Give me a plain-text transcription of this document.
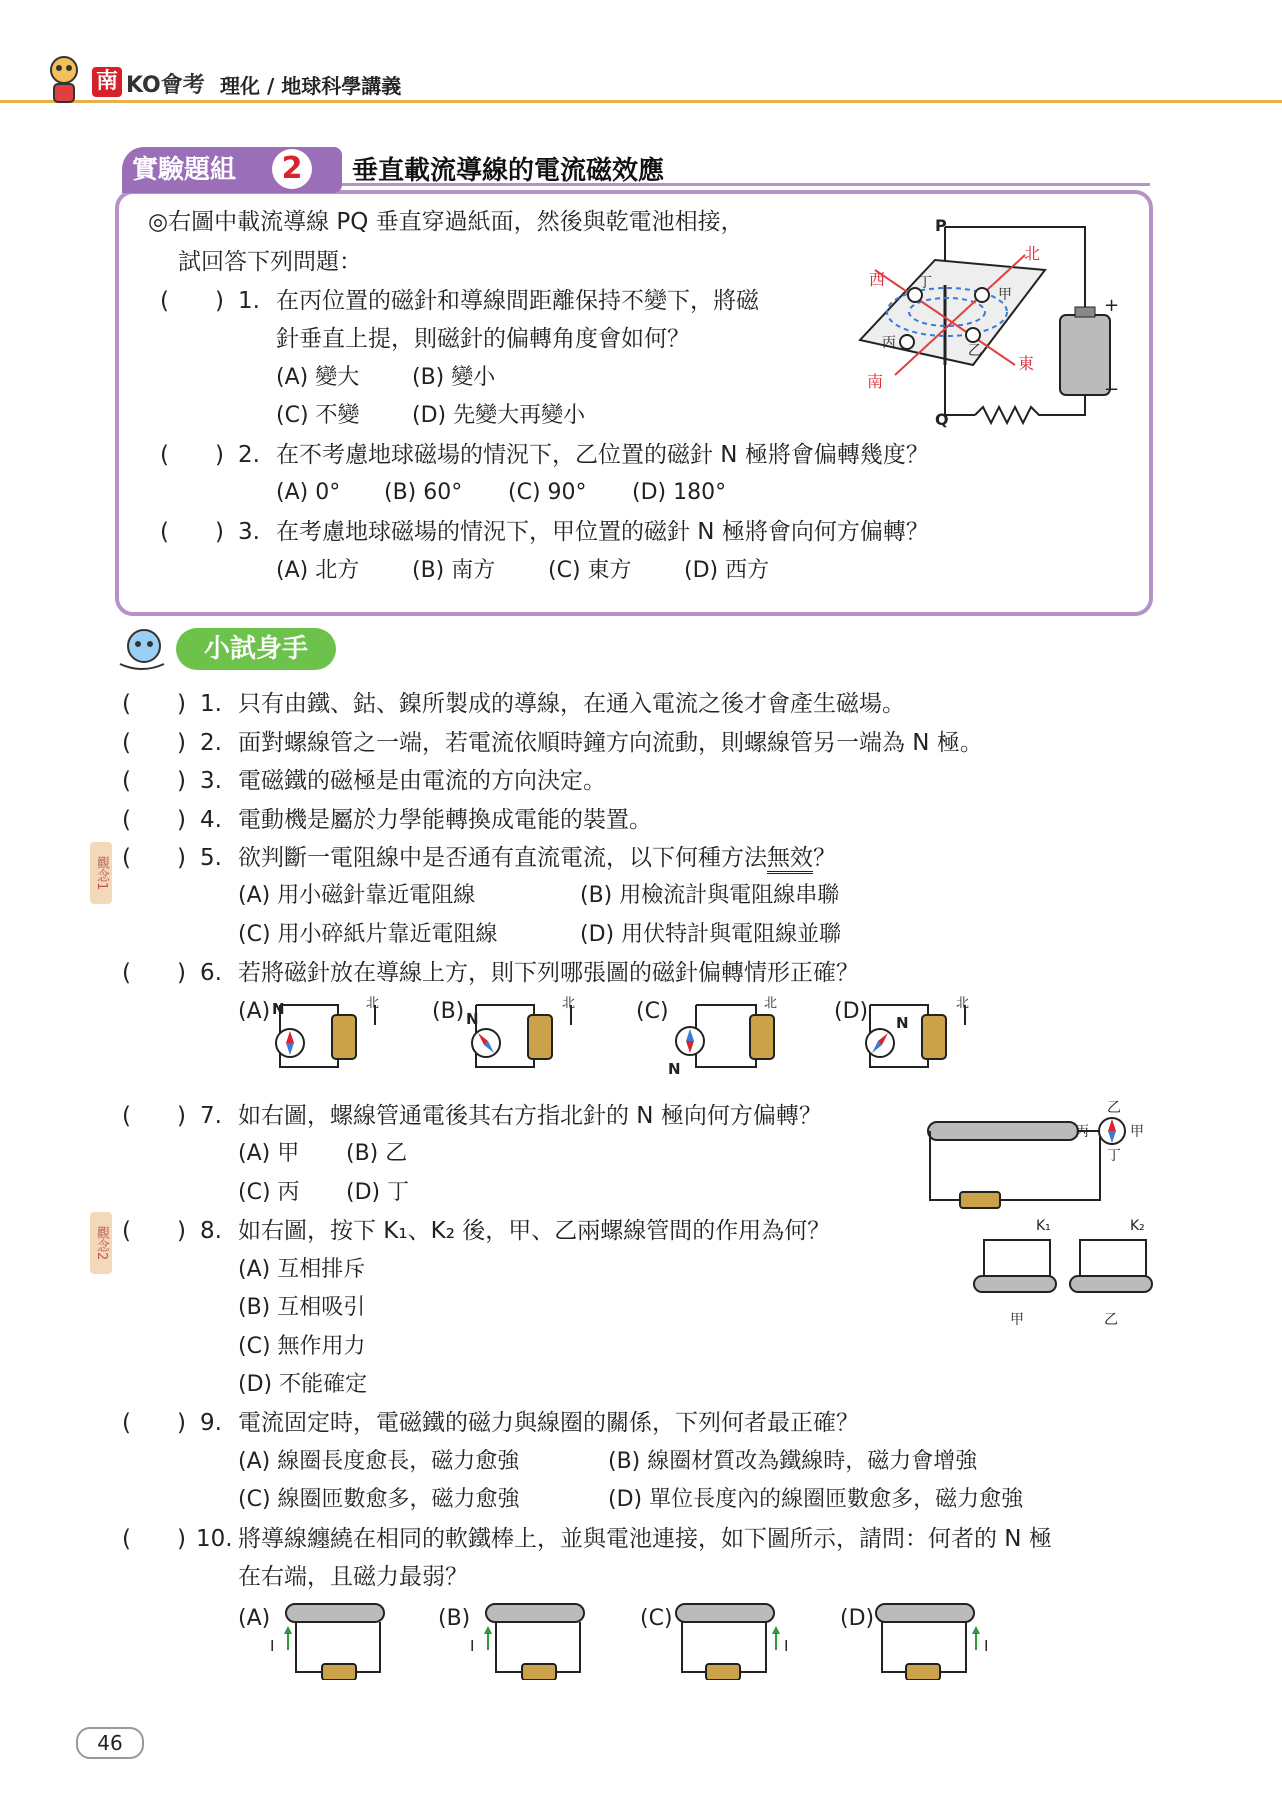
南 KO會考 理化 / 地球科學講義
實驗題組	2	垂直載流導線的電流磁效應
◎右圖中載流導線 PQ 垂直穿過紙面，然後與乾電池相接，
試回答下列問題：
(　　) 1. 在丙位置的磁針和導線間距離保持不變下，將磁
針垂直上提，則磁針的偏轉角度會如何？
(A) 變大 (B) 變小
(C) 不變 (D) 先變大再變小
(　　) 2. 在不考慮地球磁場的情況下，乙位置的磁針 N 極將會偏轉幾度？
(A) 0° (B) 60° (C) 90° (D) 180°
(　　) 3. 在考慮地球磁場的情況下，甲位置的磁針 N 極將會向何方偏轉？
(A) 北方 (B) 南方 (C) 東方 (D) 西方
P
Q
北
南
東
西
甲
乙
丙
丁
+
−
小試身手
觀念1
觀念2
(　　) 1. 只有由鐵、鈷、鎳所製成的導線，在通入電流之後才會產生磁場。
(　　) 2. 面對螺線管之一端，若電流依順時鐘方向流動，則螺線管另一端為 N 極。
(　　) 3. 電磁鐵的磁極是由電流的方向決定。
(　　) 4. 電動機是屬於力學能轉換成電能的裝置。
(　　) 5. 欲判斷一電阻線中是否通有直流電流，以下何種方法無效？
(A) 用小磁針靠近電阻線	(B) 用檢流計與電阻線串聯
(C) 用小碎紙片靠近電阻線	(D) 用伏特計與電阻線並聯
(　　) 6. 若將磁針放在導線上方，則下列哪張圖的磁針偏轉情形正確？
(A)	(B)	(C)	(D)
N
N
N
N
北	北	北	北
(　　) 7. 如右圖，螺線管通電後其右方指北針的 N 極向何方偏轉？
(A) 甲 (B) 乙
(C) 丙 (D) 丁
乙
甲
丙
丁
(　　) 8. 如右圖，按下 K₁、K₂ 後，甲、乙兩螺線管間的作用為何？
(A) 互相排斥
(B) 互相吸引
(C) 無作用力
(D) 不能確定
K₁	K₂
甲	乙
(　　) 9. 電流固定時，電磁鐵的磁力與線圈的關係，下列何者最正確？
(A) 線圈長度愈長，磁力愈強	(B) 線圈材質改為鐵線時，磁力會增強
(C) 線圈匝數愈多，磁力愈強	(D) 單位長度內的線圈匝數愈多，磁力愈強
(　　) 10. 將導線纏繞在相同的軟鐵棒上，並與電池連接，如下圖所示，請問：何者的 N 極
在右端，且磁力最弱？
(A)	(B)	(C)	(D)
I	I	I	I
46
